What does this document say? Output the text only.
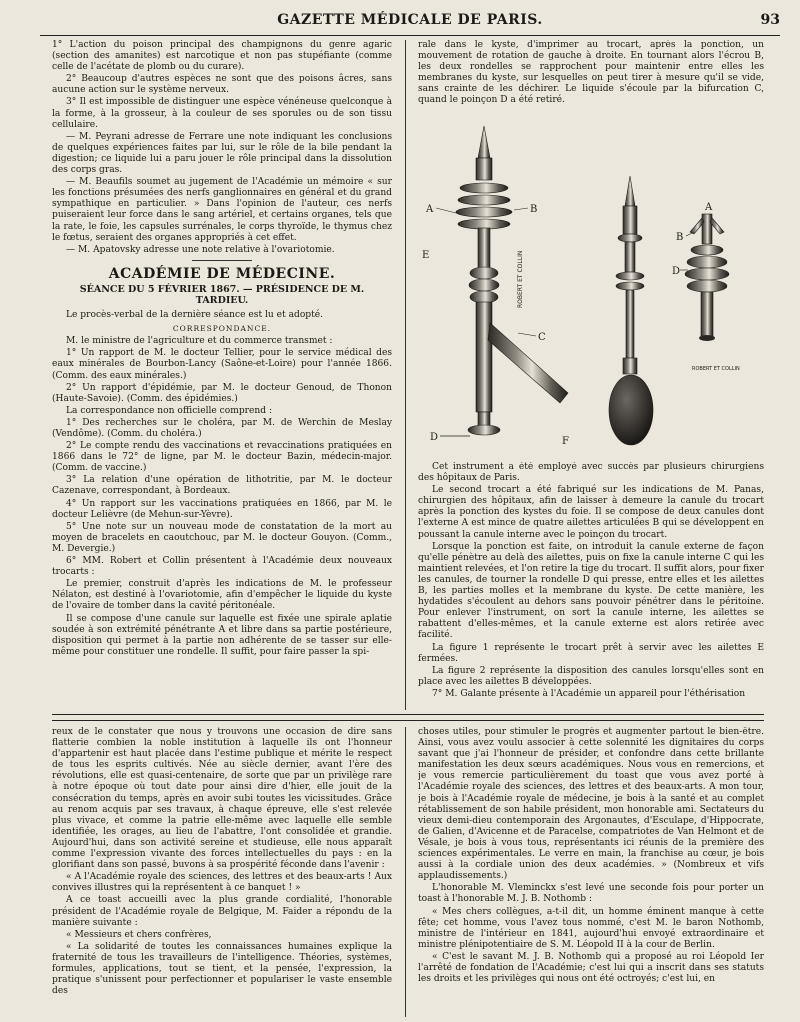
GAZETTE MÉDICALE DE PARIS.	93

1° L'action du poison principal des champignons du genre agaric (section des amanites) est narcotique et non pas stupéfiante (comme celle de l'acétate de plomb ou du curare).

2° Beaucoup d'autres espèces ne sont que des poisons âcres, sans aucune action sur le système nerveux.

3° Il est impossible de distinguer une espèce vénéneuse quelconque à la forme, à la grosseur, à la couleur de ses sporules ou de son tissu cellulaire.

— M. Peyrani adresse de Ferrare une note indiquant les conclusions de quelques expériences faites par lui, sur le rôle de la bile pendant la digestion; ce liquide lui a paru jouer le rôle principal dans la dissolution des corps gras.

— M. Beaufils soumet au jugement de l'Académie un mémoire « sur les fonctions présumées des nerfs ganglionnaires en général et du grand sympathique en particulier. » Dans l'opinion de l'auteur, ces nerfs puiseraient leur force dans le sang artériel, et certains organes, tels que la rate, le foie, les capsules surrénales, le corps thyroïde, le thymus chez le fœtus, seraient des organes appropriés à cet effet.

— M. Apatovsky adresse une note relative à l'ovariotomie.

ACADÉMIE DE MÉDECINE.
SÉANCE DU 5 FÉVRIER 1867. — PRÉSIDENCE DE M. TARDIEU.

Le procès-verbal de la dernière séance est lu et adopté.

CORRESPONDANCE.

M. le ministre de l'agriculture et du commerce transmet :

1° Un rapport de M. le docteur Tellier, pour le service médical des eaux minérales de Bourbon-Lancy (Saône-et-Loire) pour l'année 1866. (Comm. des eaux minérales.)

2° Un rapport d'épidémie, par M. le docteur Genoud, de Thonon (Haute-Savoie). (Comm. des épidémies.)

La correspondance non officielle comprend :

1° Des recherches sur le choléra, par M. de Werchin de Meslay (Vendôme). (Comm. du choléra.)

2° Le compte rendu des vaccinations et revaccinations pratiquées en 1866 dans le 72° de ligne, par M. le docteur Bazin, médecin-major. (Comm. de vaccine.)

3° La relation d'une opération de lithotritie, par M. le docteur Cazenave, correspondant, à Bordeaux.

4° Un rapport sur les vaccinations pratiquées en 1866, par M. le docteur Lelièvre (de Mehun-sur-Yèvre).

5° Une note sur un nouveau mode de constatation de la mort au moyen de bracelets en caoutchouc, par M. le docteur Gouyon. (Comm., M. Devergie.)

6° MM. Robert et Collin présentent à l'Académie deux nouveaux trocarts :

Le premier, construit d'après les indications de M. le professeur Nélaton, est destiné à l'ovariotomie, afin d'empêcher le liquide du kyste de l'ovaire de tomber dans la cavité péritonéale.

Il se compose d'une canule sur laquelle est fixée une spirale aplatie soudée à son extrémité pénétrante A et libre dans sa partie postérieure, disposition qui permet à la partie non adhérente de se tasser sur elle-même pour constituer une rondelle. Il suffit, pour faire passer la spi-

rale dans le kyste, d'imprimer au trocart, après la ponction, un mouvement de rotation de gauche à droite. En tournant alors l'écrou B, les deux rondelles se rapprochent pour maintenir entre elles les membranes du kyste, sur lesquelles on peut tirer à mesure qu'il se vide, sans crainte de les déchirer. Le liquide s'écoule par la bifurcation C, quand le poinçon D a été retiré.

A	B
C
D
E
A
B
D
F
ROBERT ET COLLIN
ROBERT ET COLLIN

Cet instrument a été employé avec succès par plusieurs chirurgiens des hôpitaux de Paris.

Le second trocart a été fabriqué sur les indications de M. Panas, chirurgien des hôpitaux, afin de laisser à demeure la canule du trocart après la ponction des kystes du foie. Il se compose de deux canules dont l'externe A est mince de quatre ailettes articulées B qui se développent en poussant la canule interne avec le poinçon du trocart.

Lorsque la ponction est faite, on introduit la canule externe de façon qu'elle pénètre au delà des ailettes, puis on fixe la canule interne C qui les maintient relevées, et l'on retire la tige du trocart. Il suffit alors, pour fixer les canules, de tourner la rondelle D qui presse, entre elles et les ailettes B, les parties molles et la membrane du kyste. De cette manière, les hydatides s'écoulent au dehors sans pouvoir pénétrer dans le péritoine. Pour enlever l'instrument, on sort la canule interne, les ailettes se rabattent d'elles-mêmes, et la canule externe est alors retirée avec facilité.

La figure 1 représente le trocart prêt à servir avec les ailettes E fermées.

La figure 2 représente la disposition des canules lorsqu'elles sont en place avec les ailettes B développées.

7° M. Galante présente à l'Académie un appareil pour l'éthérisation

reux de le constater que nous y trouvons une occasion de dire sans flatterie combien la noble institution à laquelle ils ont l'honneur d'appartenir est haut placée dans l'estime publique et mérite le respect de tous les esprits cultivés. Née au siècle dernier, avant l'ère des révolutions, elle est quasi-centenaire, de sorte que par un privilège rare à notre époque où tout date pour ainsi dire d'hier, elle jouit de la consécration du temps, après en avoir subi toutes les vicissitudes. Grâce au renom acquis par ses travaux, à chaque épreuve, elle s'est relevée plus vivace, et comme la patrie elle-même avec laquelle elle semble identifiée, les orages, au lieu de l'abattre, l'ont consolidée et grandie. Aujourd'hui, dans son activité sereine et studieuse, elle nous apparaît comme l'expression vivante des forces intellectuelles du pays : en la glorifiant dans son passé, buvons à sa prospérité féconde dans l'avenir :

« A l'Académie royale des sciences, des lettres et des beaux-arts ! Aux convives illustres qui la représentent à ce banquet ! »

A ce toast accueilli avec la plus grande cordialité, l'honorable président de l'Académie royale de Belgique, M. Faider a répondu de la manière suivante :

« Messieurs et chers confrères,

« La solidarité de toutes les connaissances humaines explique la fraternité de tous les travailleurs de l'intelligence. Théories, systèmes, formules, applications, tout se tient, et la pensée, l'expression, la pratique s'unissent pour perfectionner et populariser le vaste ensemble des

choses utiles, pour stimuler le progrès et augmenter partout le bien-être. Ainsi, vous avez voulu associer à cette solennité les dignitaires du corps savant que j'ai l'honneur de présider, et confondre dans cette brillante manifestation les deux sœurs académiques. Nous vous en remercions, et je vous remercie particulièrement du toast que vous avez porté à l'Académie royale des sciences, des lettres et des beaux-arts. A mon tour, je bois à l'Académie royale de médecine, je bois à la santé et au complet rétablissement de son habile président, mon honorable ami. Sectateurs du vieux demi-dieu contemporain des Argonautes, d'Esculape, d'Hippocrate, de Galien, d'Avicenne et de Paracelse, compatriotes de Van Helmont et de Vésale, je bois à vous tous, représentants ici réunis de la première des sciences expérimentales. Le verre en main, la franchise au cœur, je bois aussi à la cordiale union des deux académies. » (Nombreux et vifs applaudissements.)

L'honorable M. Vleminckx s'est levé une seconde fois pour porter un toast à l'honorable M. J. B. Nothomb :

« Mes chers collègues, a-t-il dit, un homme éminent manque à cette fête; cet homme, vous l'avez tous nommé, c'est M. le baron Nothomb, ministre de l'intérieur en 1841, aujourd'hui envoyé extraordinaire et ministre plénipotentiaire de S. M. Léopold II à la cour de Berlin.

« C'est le savant M. J. B. Nothomb qui a proposé au roi Léopold Ier l'arrêté de fondation de l'Académie; c'est lui qui a inscrit dans ses statuts les droits et les privilèges qui nous ont été octroyés; c'est lui, en
